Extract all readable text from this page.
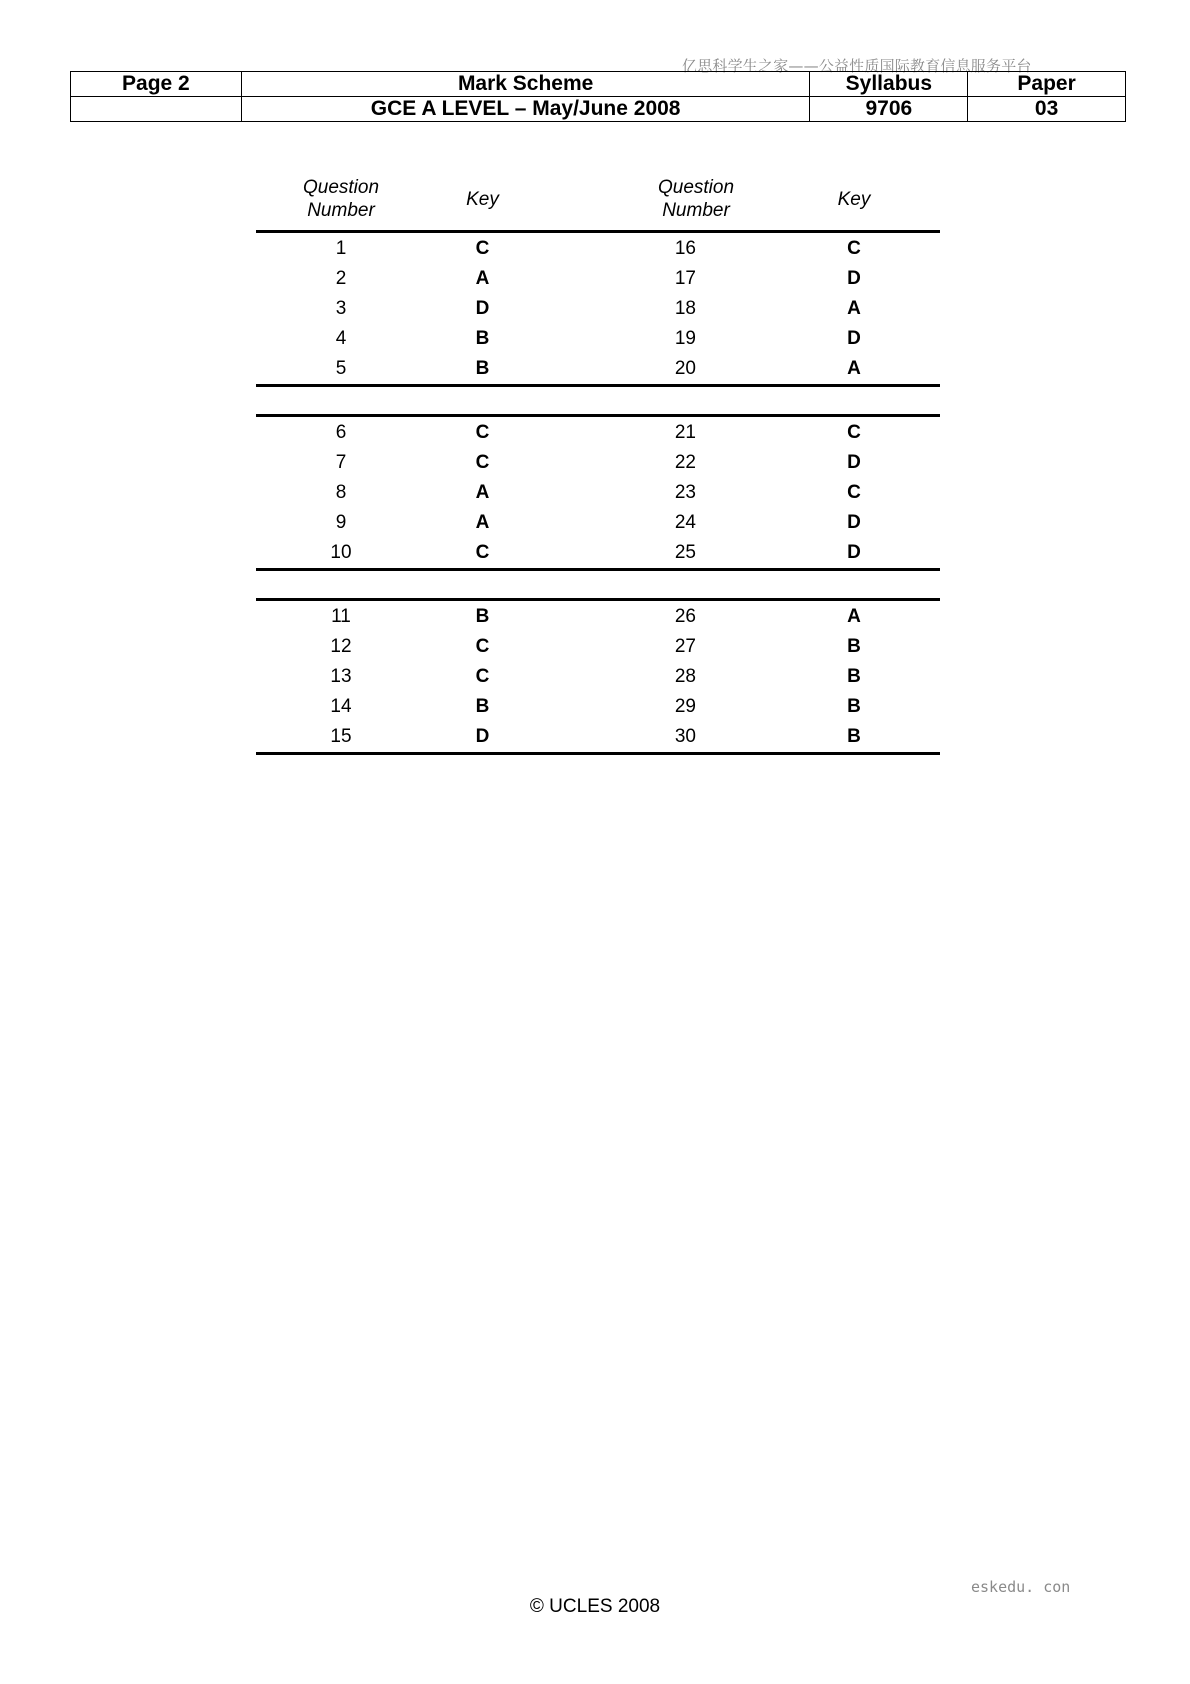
亿思科学生之家——公益性质国际教育信息服务平台
Page 2	Mark Scheme	Syllabus	Paper
	GCE A LEVEL – May/June 2008	9706	03
Question Number	Key	Question Number	Key
1	C	16	C
2	A	17	D
3	D	18	A
4	B	19	D
5	B	20	A

6	C	21	C
7	C	22	D
8	A	23	C
9	A	24	D
10	C	25	D

11	B	26	A
12	C	27	B
13	C	28	B
14	B	29	B
15	D	30	B
eskedu. con
© UCLES 2008
